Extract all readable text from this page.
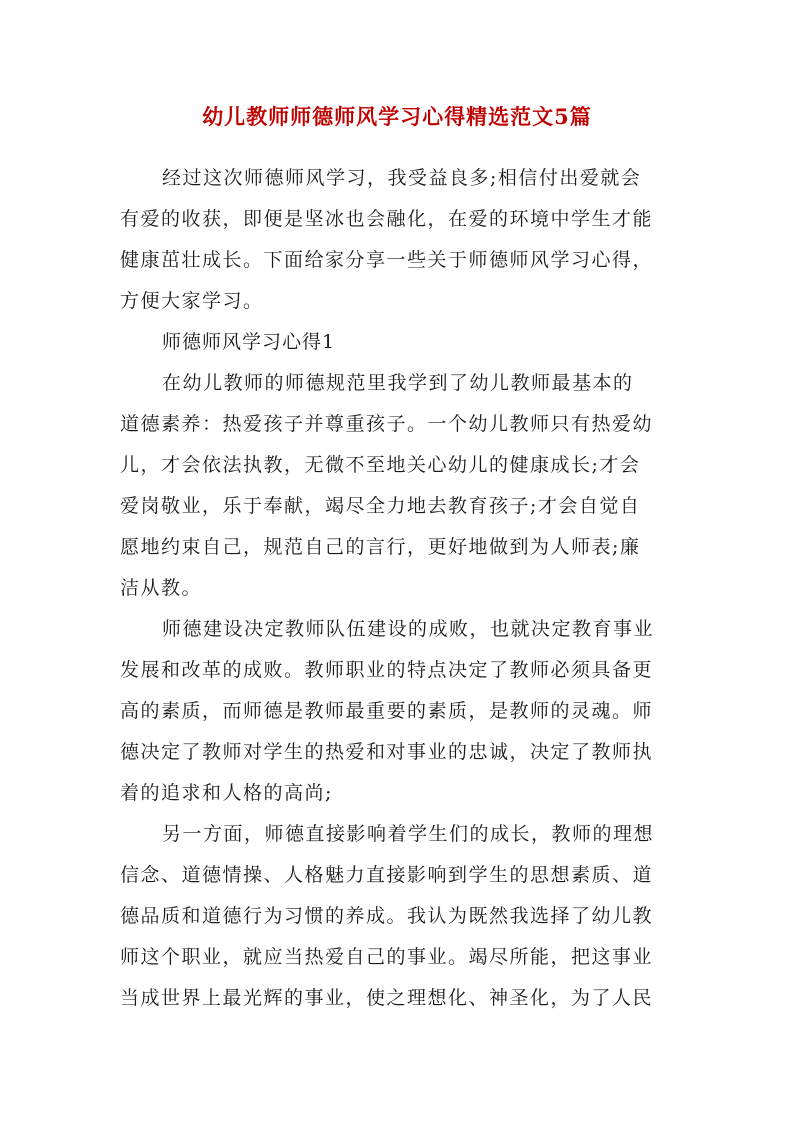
幼儿教师师德师风学习心得精选范文5篇
经过这次师德师风学习，我受益良多;相信付出爱就会
有爱的收获，即便是坚冰也会融化，在爱的环境中学生才能
健康茁壮成长。下面给家分享一些关于师德师风学习心得，
方便大家学习。
师德师风学习心得1
在幼儿教师的师德规范里我学到了幼儿教师最基本的
道德素养：热爱孩子并尊重孩子。一个幼儿教师只有热爱幼
儿，才会依法执教，无微不至地关心幼儿的健康成长;才会
爱岗敬业，乐于奉献，竭尽全力地去教育孩子;才会自觉自
愿地约束自己，规范自己的言行，更好地做到为人师表;廉
洁从教。
师德建设决定教师队伍建设的成败，也就决定教育事业
发展和改革的成败。教师职业的特点决定了教师必须具备更
高的素质，而师德是教师最重要的素质，是教师的灵魂。师
德决定了教师对学生的热爱和对事业的忠诚，决定了教师执
着的追求和人格的高尚;
另一方面，师德直接影响着学生们的成长，教师的理想
信念、道德情操、人格魅力直接影响到学生的思想素质、道
德品质和道德行为习惯的养成。我认为既然我选择了幼儿教
师这个职业，就应当热爱自己的事业。竭尽所能，把这事业
当成世界上最光辉的事业，使之理想化、神圣化，为了人民
